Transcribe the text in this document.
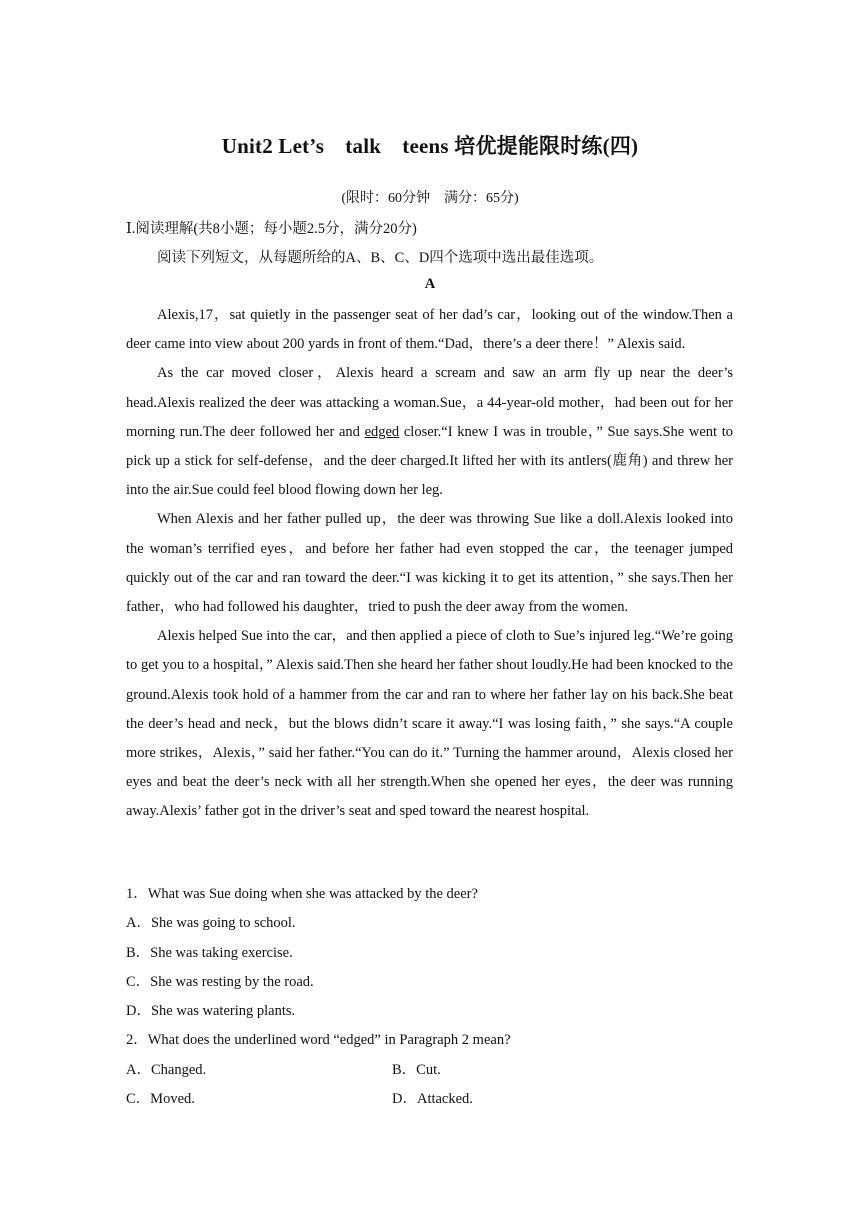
Unit2 Let’s　talk　teens 培优提能限时练(四)
(限时：60分钟　满分：65分)
Ⅰ.阅读理解(共8小题；每小题2.5分，满分20分)
阅读下列短文，从每题所给的A、B、C、D四个选项中选出最佳选项。
A

Alexis,17，sat quietly in the passenger seat of her dad’s car，looking out of the window.Then a deer came into view about 200 yards in front of them.“Dad，there’s a deer there！” Alexis said.

As the car moved closer，Alexis heard a scream and saw an arm fly up near the deer’s head.Alexis realized the deer was attacking a woman.Sue，a 44-year-old mother，had been out for her morning run.The deer followed her and edged closer.“I knew I was in trouble，” Sue says.She went to pick up a stick for self-defense，and the deer charged.It lifted her with its antlers(鹿角) and threw her into the air.Sue could feel blood flowing down her leg.

When Alexis and her father pulled up，the deer was throwing Sue like a doll.Alexis looked into the woman’s terrified eyes，and before her father had even stopped the car，the teenager jumped quickly out of the car and ran toward the deer.“I was kicking it to get its attention，” she says.Then her father，who had followed his daughter，tried to push the deer away from the women.

Alexis helped Sue into the car，and then applied a piece of cloth to Sue’s injured leg.“We’re going to get you to a hospital，” Alexis said.Then she heard her father shout loudly.He had been knocked to the ground.Alexis took hold of a hammer from the car and ran to where her father lay on his back.She beat the deer’s head and neck，but the blows didn’t scare it away.“I was losing faith，” she says.“A couple more strikes，Alexis，” said her father.“You can do it.” Turning the hammer around，Alexis closed her eyes and beat the deer’s neck with all her strength.When she opened her eyes，the deer was running away.Alexis’ father got in the driver’s seat and sped toward the nearest hospital.

1．What was Sue doing when she was attacked by the deer?
A．She was going to school.
B．She was taking exercise.
C．She was resting by the road.
D．She was watering plants.
2．What does the underlined word “edged” in Paragraph 2 mean?
A．Changed.	B．Cut.
C．Moved.	D．Attacked.
